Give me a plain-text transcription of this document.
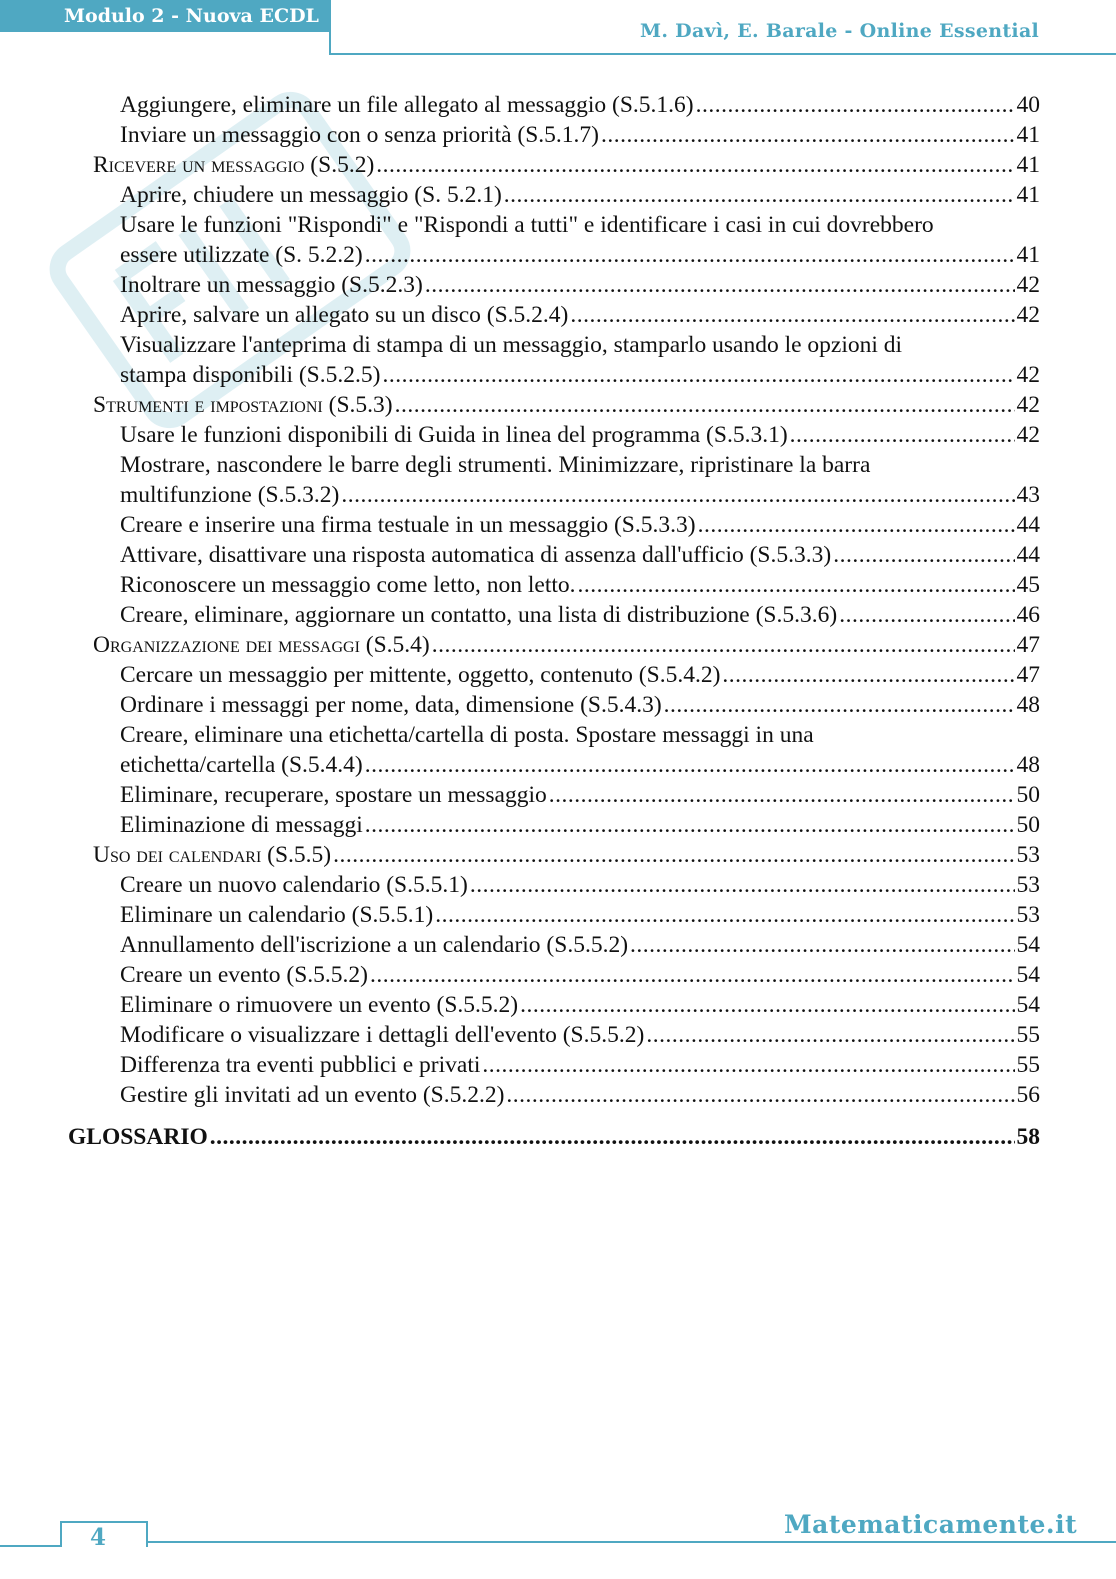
Modulo 2 - Nuova ECDL
M. Davì, E. Barale - Online Essential
Aggiungere, eliminare un file allegato al messaggio (S.5.1.6) .....	40
Inviare un messaggio con o senza priorità (S.5.1.7) .....	41
Ricevere un messaggio (S.5.2) .....	41
Aprire, chiudere un messaggio (S. 5.2.1) .....	41
Usare le funzioni "Rispondi" e "Rispondi a tutti" e identificare i casi in cui dovrebbero
essere utilizzate (S. 5.2.2) .....	41
Inoltrare un messaggio (S.5.2.3) .....	42
Aprire, salvare un allegato su un disco (S.5.2.4) .....	42
Visualizzare l'anteprima di stampa di un messaggio, stamparlo usando le opzioni di
stampa disponibili (S.5.2.5) .....	42
Strumenti e impostazioni (S.5.3) .....	42
Usare le funzioni disponibili di Guida in linea del programma (S.5.3.1) .....	42
Mostrare, nascondere le barre degli strumenti. Minimizzare, ripristinare la barra
multifunzione (S.5.3.2) .....	43
Creare e inserire una firma testuale in un messaggio (S.5.3.3) .....	44
Attivare, disattivare una risposta automatica di assenza dall'ufficio (S.5.3.3) .....	44
Riconoscere un messaggio come letto, non letto. .....	45
Creare, eliminare, aggiornare un contatto, una lista di distribuzione (S.5.3.6) .....	46
Organizzazione dei messaggi (S.5.4) .....	47
Cercare un messaggio per mittente, oggetto, contenuto (S.5.4.2) .....	47
Ordinare i messaggi per nome, data, dimensione (S.5.4.3) .....	48
Creare, eliminare una etichetta/cartella di posta. Spostare messaggi in una
etichetta/cartella (S.5.4.4) .....	48
Eliminare, recuperare, spostare un messaggio .....	50
Eliminazione di messaggi .....	50
Uso dei calendari (S.5.5) .....	53
Creare un nuovo calendario (S.5.5.1) .....	53
Eliminare un calendario (S.5.5.1) .....	53
Annullamento dell'iscrizione a un calendario (S.5.5.2) .....	54
Creare un evento (S.5.5.2) .....	54
Eliminare o rimuovere un evento (S.5.5.2) .....	54
Modificare o visualizzare i dettagli dell'evento (S.5.5.2) .....	55
Differenza tra eventi pubblici e privati .....	55
Gestire gli invitati ad un evento (S.5.2.2) .....	56
GLOSSARIO .....	58
4	Matematicamente.it
